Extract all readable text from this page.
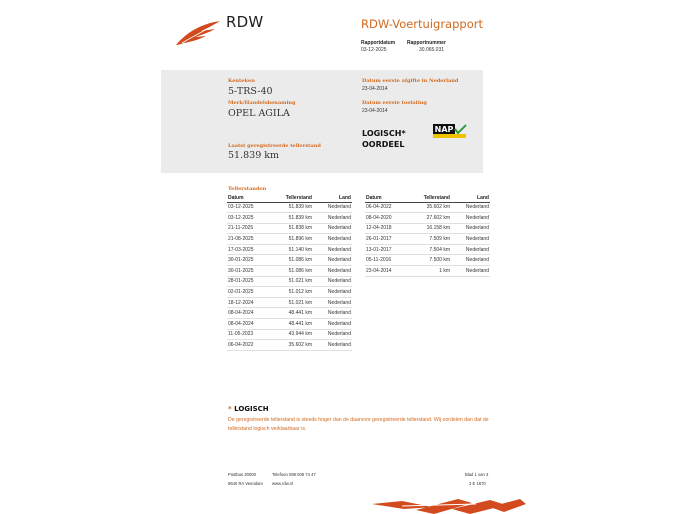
RDW	RDW-Voertuigrapport
Rapportdatum
03-12-2025
Rapportnummer
30.065.031
Kenteken
5-TRS-40
Merk/Handelsbenaming
OPEL AGILA
Laatst geregistreerde tellerstand
51.839 km
Datum eerste afgifte in Nederland
23-04-2014
Datum eerste toelating
23-04-2014
LOGISCH*
OORDEEL
NAP
Tellerstanden
Datum	Tellerstand	Land
03-12-2025	51.839 km	Nederland
03-12-2025	51.839 km	Nederland
21-11-2025	51.838 km	Nederland
21-08-2025	51.896 km	Nederland
17-03-2025	51.140 km	Nederland
30-01-2025	51.086 km	Nederland
30-01-2025	51.086 km	Nederland
28-01-2025	51.021 km	Nederland
02-01-2025	51.012 km	Nederland
18-12-2024	51.021 km	Nederland
08-04-2024	48.441 km	Nederland
08-04-2024	48.441 km	Nederland
11-05-2023	43.944 km	Nederland
06-04-2022	35.602 km	Nederland
Datum	Tellerstand	Land
06-04-2022	35.602 km	Nederland
08-04-2020	27.602 km	Nederland
12-04-2018	16.158 km	Nederland
26-01-2017	7.509 km	Nederland
13-01-2017	7.504 km	Nederland
05-11-2016	7.500 km	Nederland
23-04-2014	1 km	Nederland
* LOGISCH
De geregistreerde tellerstand is steeds hoger dan de daarvoor geregistreerde tellerstand. Wij oordelen dan dat de tellerstand logisch verklaarbaar is.
Postbus 30000
9640 RA Veendam
Telefoon 088 008 74 47
www.rdw.nl
Blad 1 van 3
3 E 1670
